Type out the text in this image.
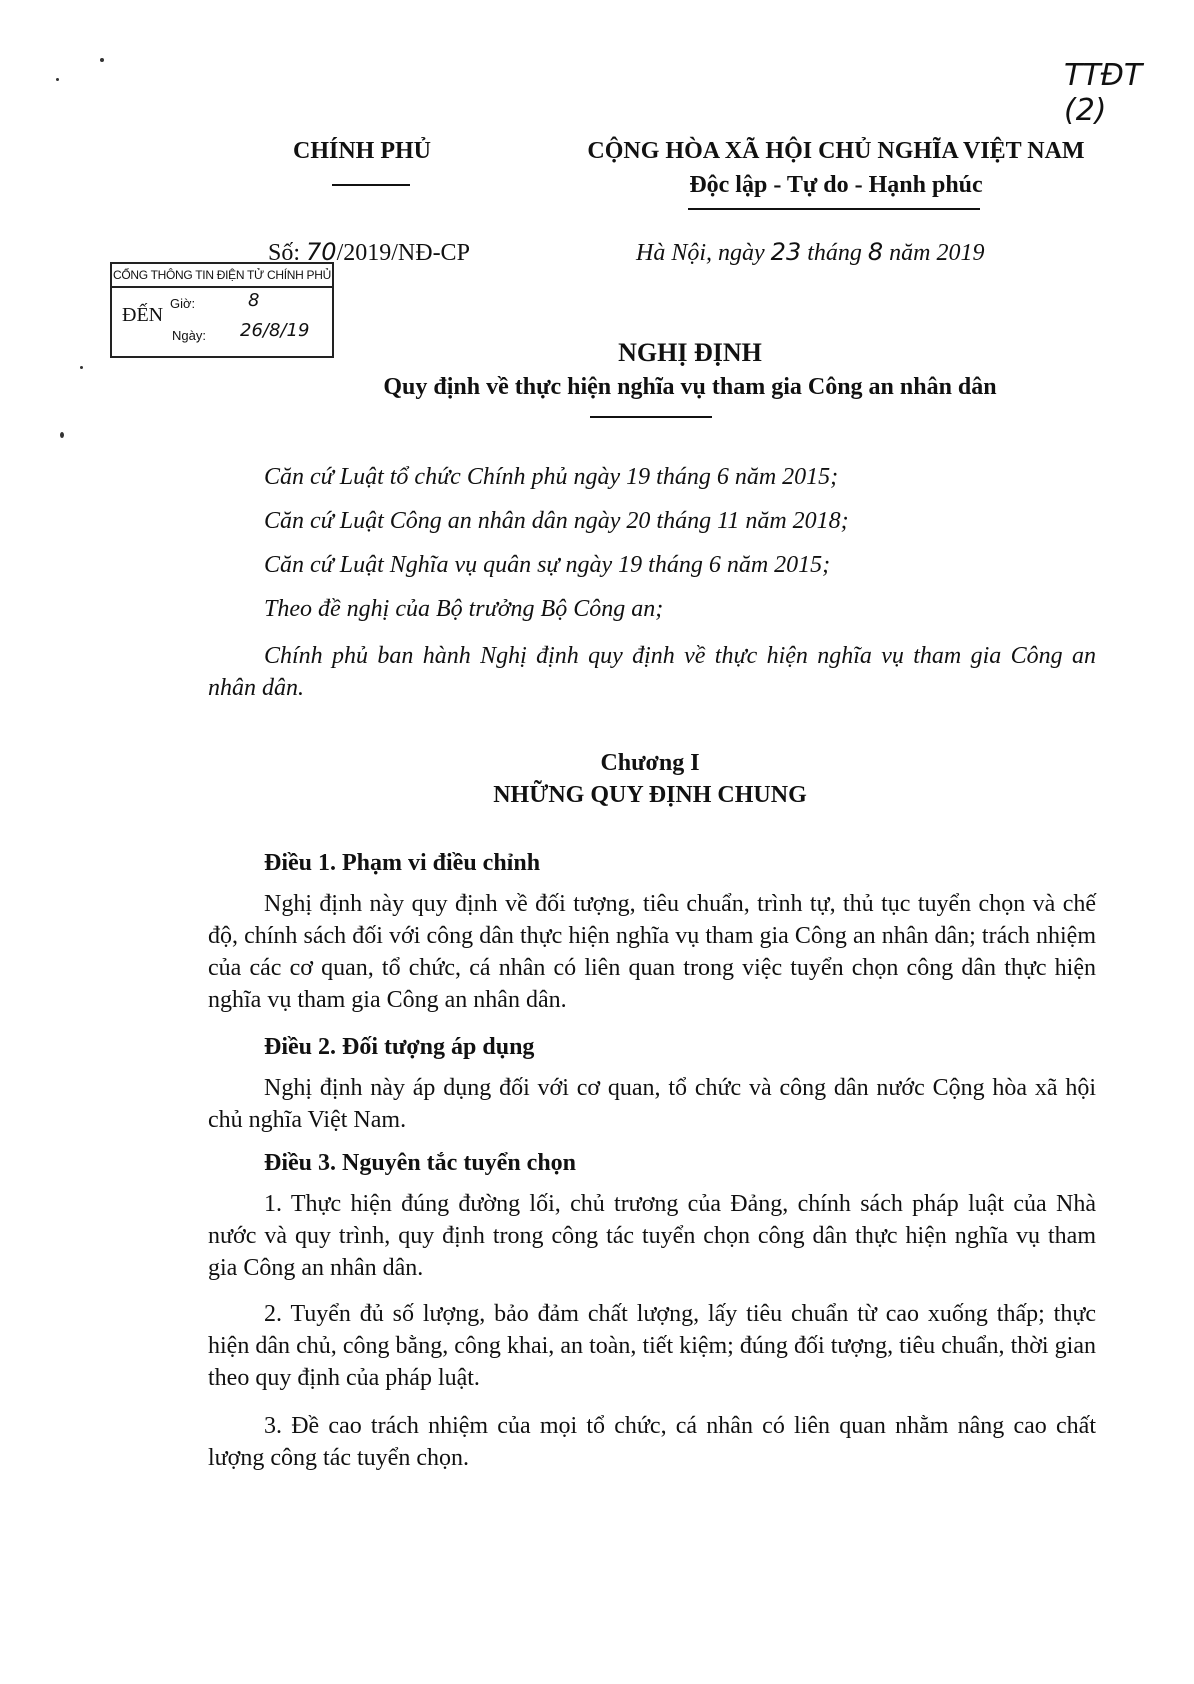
TTĐT (2)
CHÍNH PHỦ	CỘNG HÒA XÃ HỘI CHỦ NGHĨA VIỆT NAM
Độc lập - Tự do - Hạnh phúc
Số: 70/2019/NĐ-CP	Hà Nội, ngày 23 tháng 8 năm 2019
CỔNG THÔNG TIN ĐIỆN TỬ CHÍNH PHỦ
ĐẾN
Giờ:	8
Ngày: 26/8/19
NGHỊ ĐỊNH
Quy định về thực hiện nghĩa vụ tham gia Công an nhân dân
Căn cứ Luật tổ chức Chính phủ ngày 19 tháng 6 năm 2015;
Căn cứ Luật Công an nhân dân ngày 20 tháng 11 năm 2018;
Căn cứ Luật Nghĩa vụ quân sự ngày 19 tháng 6 năm 2015;
Theo đề nghị của Bộ trưởng Bộ Công an;
Chính phủ ban hành Nghị định quy định về thực hiện nghĩa vụ tham gia Công an nhân dân.
Chương I
NHỮNG QUY ĐỊNH CHUNG
Điều 1. Phạm vi điều chỉnh
Nghị định này quy định về đối tượng, tiêu chuẩn, trình tự, thủ tục tuyển chọn và chế độ, chính sách đối với công dân thực hiện nghĩa vụ tham gia Công an nhân dân; trách nhiệm của các cơ quan, tổ chức, cá nhân có liên quan trong việc tuyển chọn công dân thực hiện nghĩa vụ tham gia Công an nhân dân.
Điều 2. Đối tượng áp dụng
Nghị định này áp dụng đối với cơ quan, tổ chức và công dân nước Cộng hòa xã hội chủ nghĩa Việt Nam.
Điều 3. Nguyên tắc tuyển chọn
1. Thực hiện đúng đường lối, chủ trương của Đảng, chính sách pháp luật của Nhà nước và quy trình, quy định trong công tác tuyển chọn công dân thực hiện nghĩa vụ tham gia Công an nhân dân.
2. Tuyển đủ số lượng, bảo đảm chất lượng, lấy tiêu chuẩn từ cao xuống thấp; thực hiện dân chủ, công bằng, công khai, an toàn, tiết kiệm; đúng đối tượng, tiêu chuẩn, thời gian theo quy định của pháp luật.
3. Đề cao trách nhiệm của mọi tổ chức, cá nhân có liên quan nhằm nâng cao chất lượng công tác tuyển chọn.
